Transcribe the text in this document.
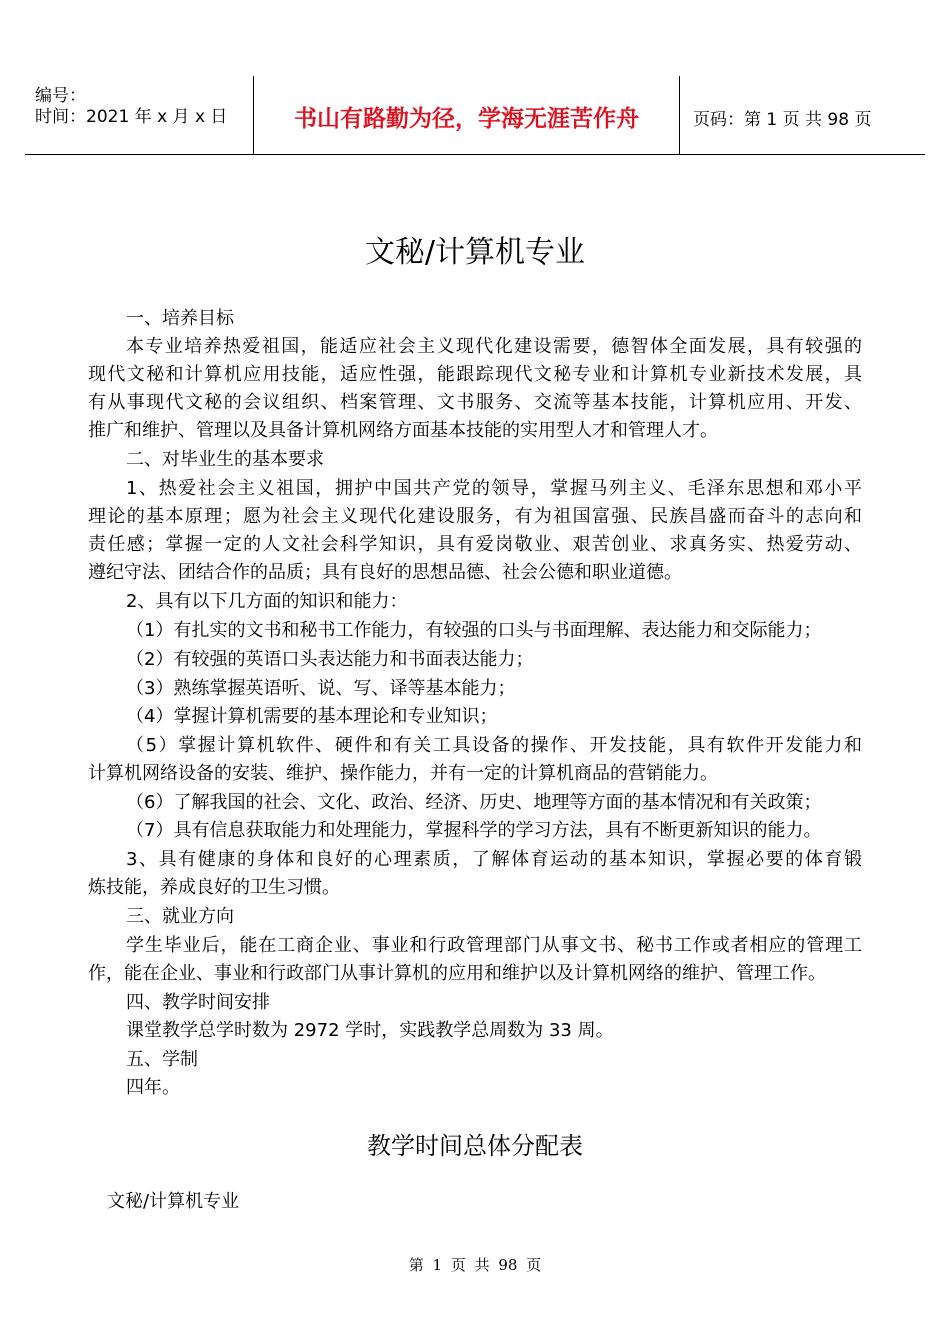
编号：
时间：2021 年 x 月 x 日	书山有路勤为径，学海无涯苦作舟	页码：第 1 页 共 98 页
文秘/计算机专业
一、培养目标
本专业培养热爱祖国，能适应社会主义现代化建设需要，德智体全面发展，具有较强的
现代文秘和计算机应用技能，适应性强，能跟踪现代文秘专业和计算机专业新技术发展，具
有从事现代文秘的会议组织、档案管理、文书服务、交流等基本技能，计算机应用、开发、
推广和维护、管理以及具备计算机网络方面基本技能的实用型人才和管理人才。
二、对毕业生的基本要求
1、热爱社会主义祖国，拥护中国共产党的领导，掌握马列主义、毛泽东思想和邓小平
理论的基本原理；愿为社会主义现代化建设服务，有为祖国富强、民族昌盛而奋斗的志向和
责任感；掌握一定的人文社会科学知识，具有爱岗敬业、艰苦创业、求真务实、热爱劳动、
遵纪守法、团结合作的品质；具有良好的思想品德、社会公德和职业道德。
2、具有以下几方面的知识和能力：
（1）有扎实的文书和秘书工作能力，有较强的口头与书面理解、表达能力和交际能力；
（2）有较强的英语口头表达能力和书面表达能力；
（3）熟练掌握英语听、说、写、译等基本能力；
（4）掌握计算机需要的基本理论和专业知识；
（5）掌握计算机软件、硬件和有关工具设备的操作、开发技能，具有软件开发能力和
计算机网络设备的安装、维护、操作能力，并有一定的计算机商品的营销能力。
（6）了解我国的社会、文化、政治、经济、历史、地理等方面的基本情况和有关政策；
（7）具有信息获取能力和处理能力，掌握科学的学习方法，具有不断更新知识的能力。
3、具有健康的身体和良好的心理素质，了解体育运动的基本知识，掌握必要的体育锻
炼技能，养成良好的卫生习惯。
三、就业方向
学生毕业后，能在工商企业、事业和行政管理部门从事文书、秘书工作或者相应的管理工
作，能在企业、事业和行政部门从事计算机的应用和维护以及计算机网络的维护、管理工作。
四、教学时间安排
课堂教学总学时数为 2972 学时，实践教学总周数为 33 周。
五、学制
四年。
教学时间总体分配表
文秘/计算机专业
第 1 页 共 98 页
